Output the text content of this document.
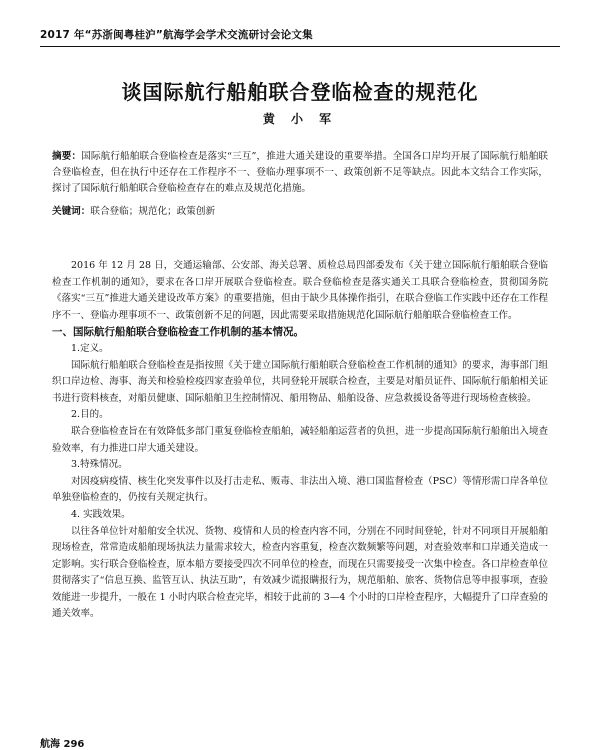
2017 年“苏浙闽粤桂沪”航海学会学术交流研讨会论文集
谈国际航行船舶联合登临检查的规范化
黄 小 军
摘要：国际航行船舶联合登临检查是落实“三互”，推进大通关建设的重要举措。全国各口岸均开展了国际航行船舶联合登临检查，但在执行中还存在工作程序不一、登临办理事项不一、政策创新不足等缺点。因此本文结合工作实际，探讨了国际航行船舶联合登临检查存在的难点及规范化措施。
关键词：联合登临；规范化；政策创新

2016 年 12 月 28 日，交通运输部、公安部、海关总署、质检总局四部委发布《关于建立国际航行船舶联合登临检查工作机制的通知》，要求在各口岸开展联合登临检查。联合登临检查是落实通关工具联合登临检查，贯彻国务院《落实“三互”推进大通关建设改革方案》的重要措施，但由于缺少具体操作指引，在联合登临工作实践中还存在工作程序不一、登临办理事项不一、政策创新不足的问题，因此需要采取措施规范化国际航行船舶联合登临检查工作。

一、国际航行船舶联合登临检查工作机制的基本情况。

1.定义。

国际航行船舶联合登临检查是指按照《关于建立国际航行船舶联合登临检查工作机制的通知》的要求，海事部门组织口岸边检、海事、海关和检验检疫四家查验单位，共同登轮开展联合检查，主要是对船员证件、国际航行船舶相关证书进行资料核查，对船员健康、国际船舶卫生控制情况、船用物品、船舶设备、应急救援设备等进行现场检查核验。

2.目的。

联合登临检查旨在有效降低多部门重复登临检查船舶，减轻船舶运营者的负担，进一步提高国际航行船舶出入境查验效率，有力推进口岸大通关建设。

3.特殊情况。

对因疫病疫情、核生化突发事件以及打击走私、贩毒、非法出入境、港口国监督检查（PSC）等情形需口岸各单位单独登临检查的，仍按有关规定执行。

4. 实践效果。

以往各单位针对船舶安全状况、货物、疫情和人员的检查内容不同，分别在不同时间登轮，针对不同项目开展船舶现场检查，常常造成船舶现场执法力量需求较大，检查内容重复，检查次数频繁等问题，对查验效率和口岸通关造成一定影响。实行联合登临检查，原本船方要接受四次不同单位的检查，而现在只需要接受一次集中检查。各口岸检查单位贯彻落实了“信息互换、监管互认、执法互助”，有效减少谎报瞒报行为，规范船舶、旅客、货物信息等申报事项，查验效能进一步提升，一般在 1 小时内联合检查完毕，相较于此前的 3—4 个小时的口岸检查程序，大幅提升了口岸查验的通关效率。

航海 296
